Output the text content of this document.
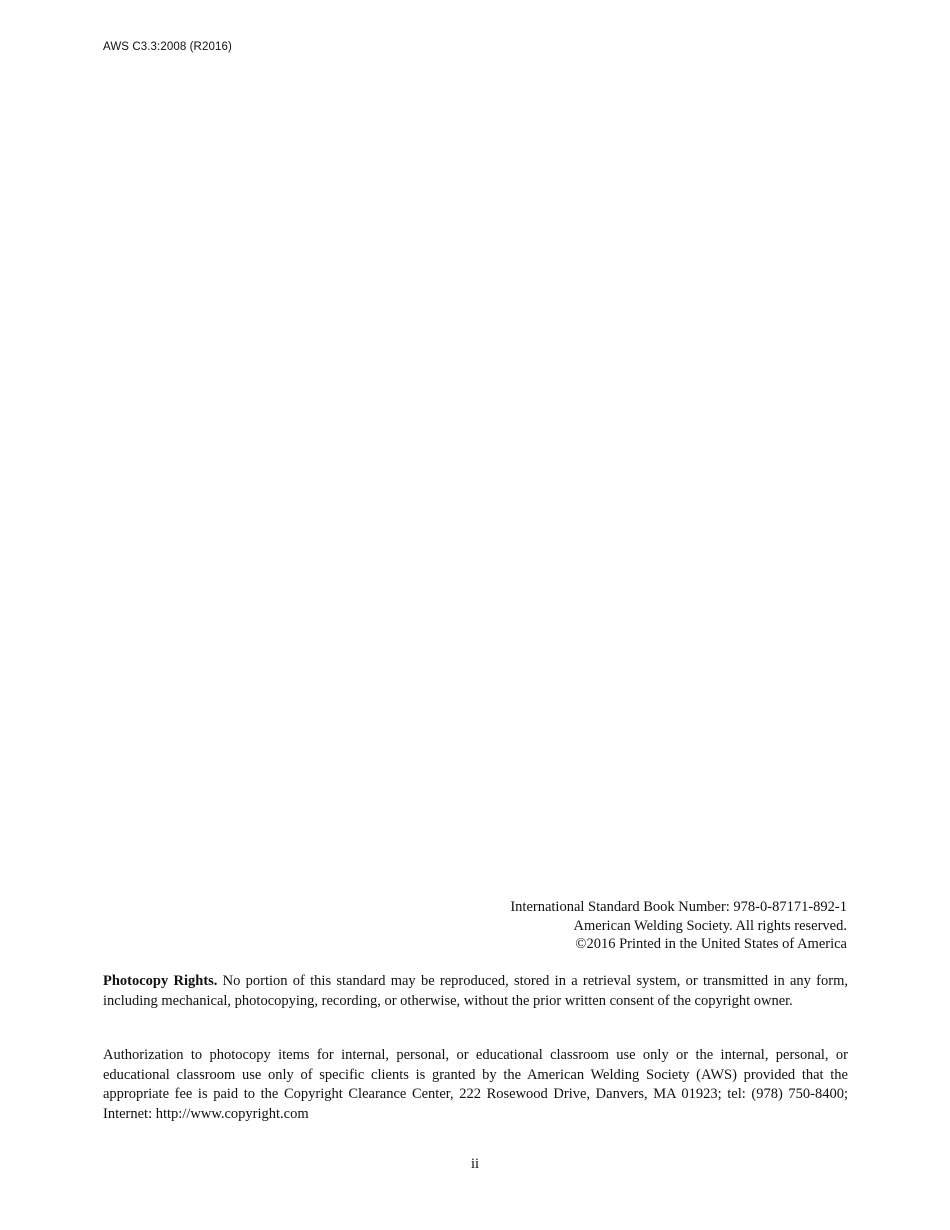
AWS C3.3:2008 (R2016)
International Standard Book Number: 978-0-87171-892-1
American Welding Society. All rights reserved.
©2016 Printed in the United States of America

Photocopy Rights. No portion of this standard may be reproduced, stored in a retrieval system, or transmitted in any form, including mechanical, photocopying, recording, or otherwise, without the prior written consent of the copyright owner.

Authorization to photocopy items for internal, personal, or educational classroom use only or the internal, personal, or educational classroom use only of specific clients is granted by the American Welding Society (AWS) provided that the appropriate fee is paid to the Copyright Clearance Center, 222 Rosewood Drive, Danvers, MA 01923; tel: (978) 750-8400; Internet: http://www.copyright.com

ii
